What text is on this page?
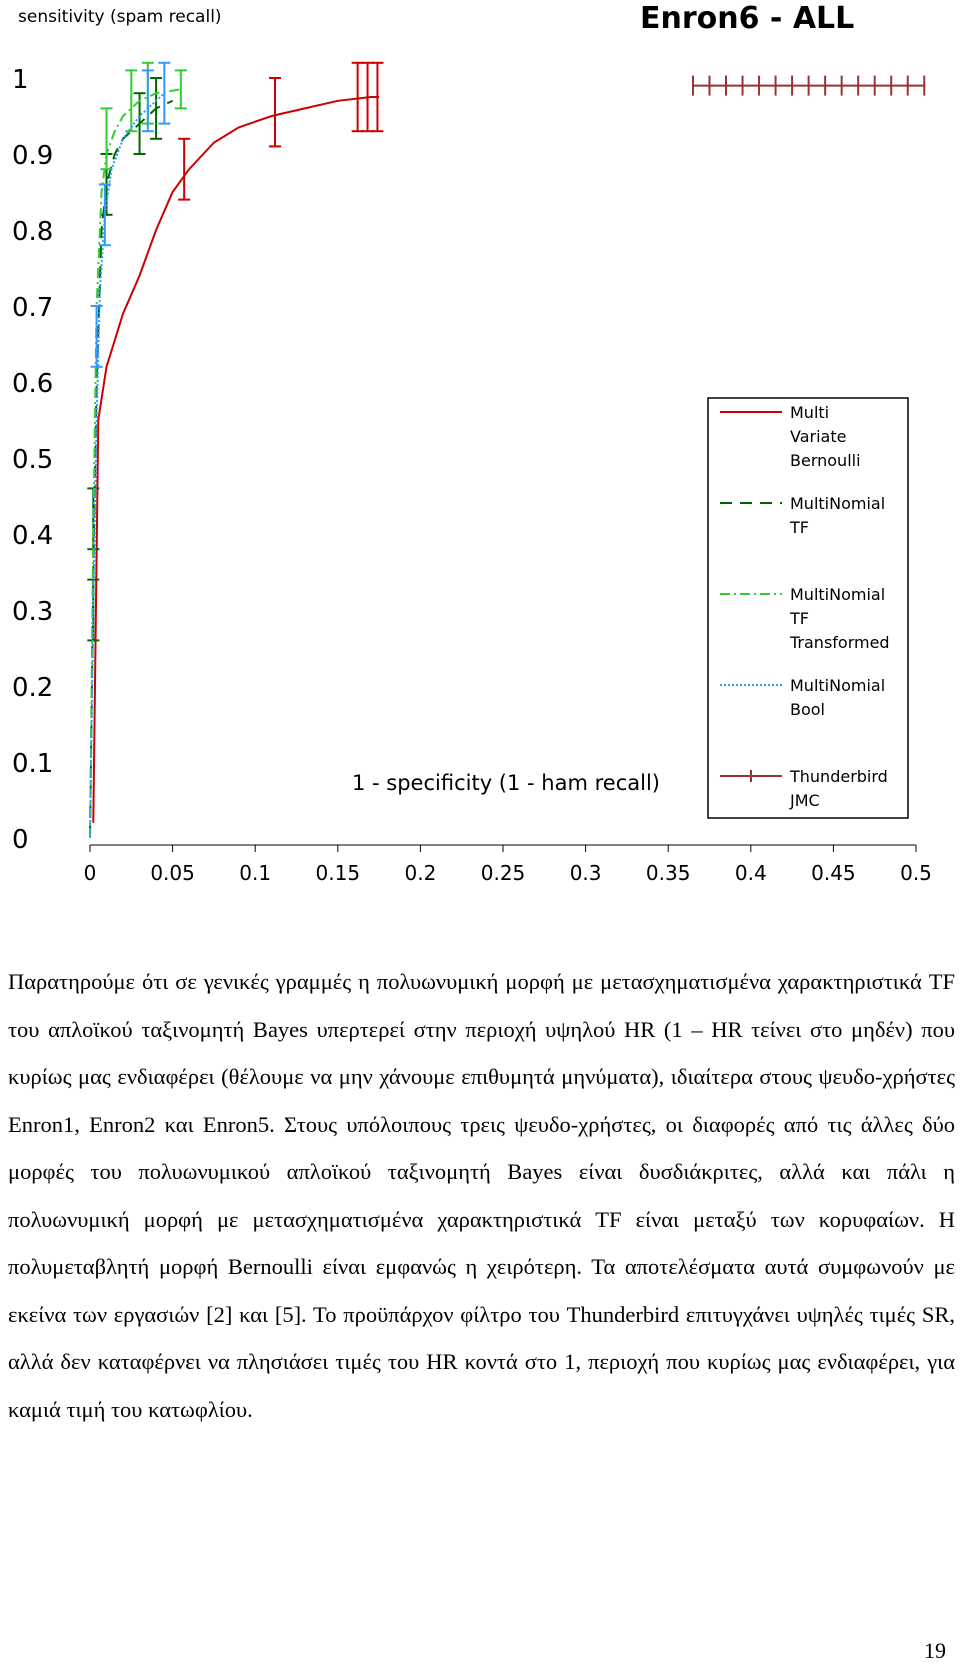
Enron6 - ALL
sensitivity (spam recall)
1 - specificity (1 - ham recall)
0	0.05 0.1 0.15 0.2 0.25 0.3 0.35 0.4 0.45 0.5
0
0.1
0.2
0.3
0.4
0.5
0.6
0.7
0.8
0.9
1
Multi Variate Bernoulli
MultiNomial TF
MultiNomial TF Transformed
MultiNomial Bool
Thunderbird JMC

Παρατηρούμε ότι σε γενικές γραμμές η πολυωνυμική μορφή με μετασχηματισμένα χαρακτηριστικά TF του απλοϊκού ταξινομητή Bayes υπερτερεί στην περιοχή υψηλού HR (1 – HR τείνει στο μηδέν) που κυρίως μας ενδιαφέρει (θέλουμε να μην χάνουμε επιθυμητά μηνύματα), ιδιαίτερα στους ψευδο-χρήστες Enron1, Enron2 και Enron5. Στους υπόλοιπους τρεις ψευδο-χρήστες, οι διαφορές από τις άλλες δύο μορφές του πολυωνυμικού απλοϊκού ταξινομητή Bayes είναι δυσδιάκριτες, αλλά και πάλι η πολυωνυμική μορφή με μετασχηματισμένα χαρακτηριστικά TF είναι μεταξύ των κορυφαίων. Η πολυμεταβλητή μορφή Bernoulli είναι εμφανώς η χειρότερη. Τα αποτελέσματα αυτά συμφωνούν με εκείνα των εργασιών [2] και [5]. Το προϋπάρχον φίλτρο του Thunderbird επιτυγχάνει υψηλές τιμές SR, αλλά δεν καταφέρνει να πλησιάσει τιμές του HR κοντά στο 1, περιοχή που κυρίως μας ενδιαφέρει, για καμιά τιμή του κατωφλίου.

19
